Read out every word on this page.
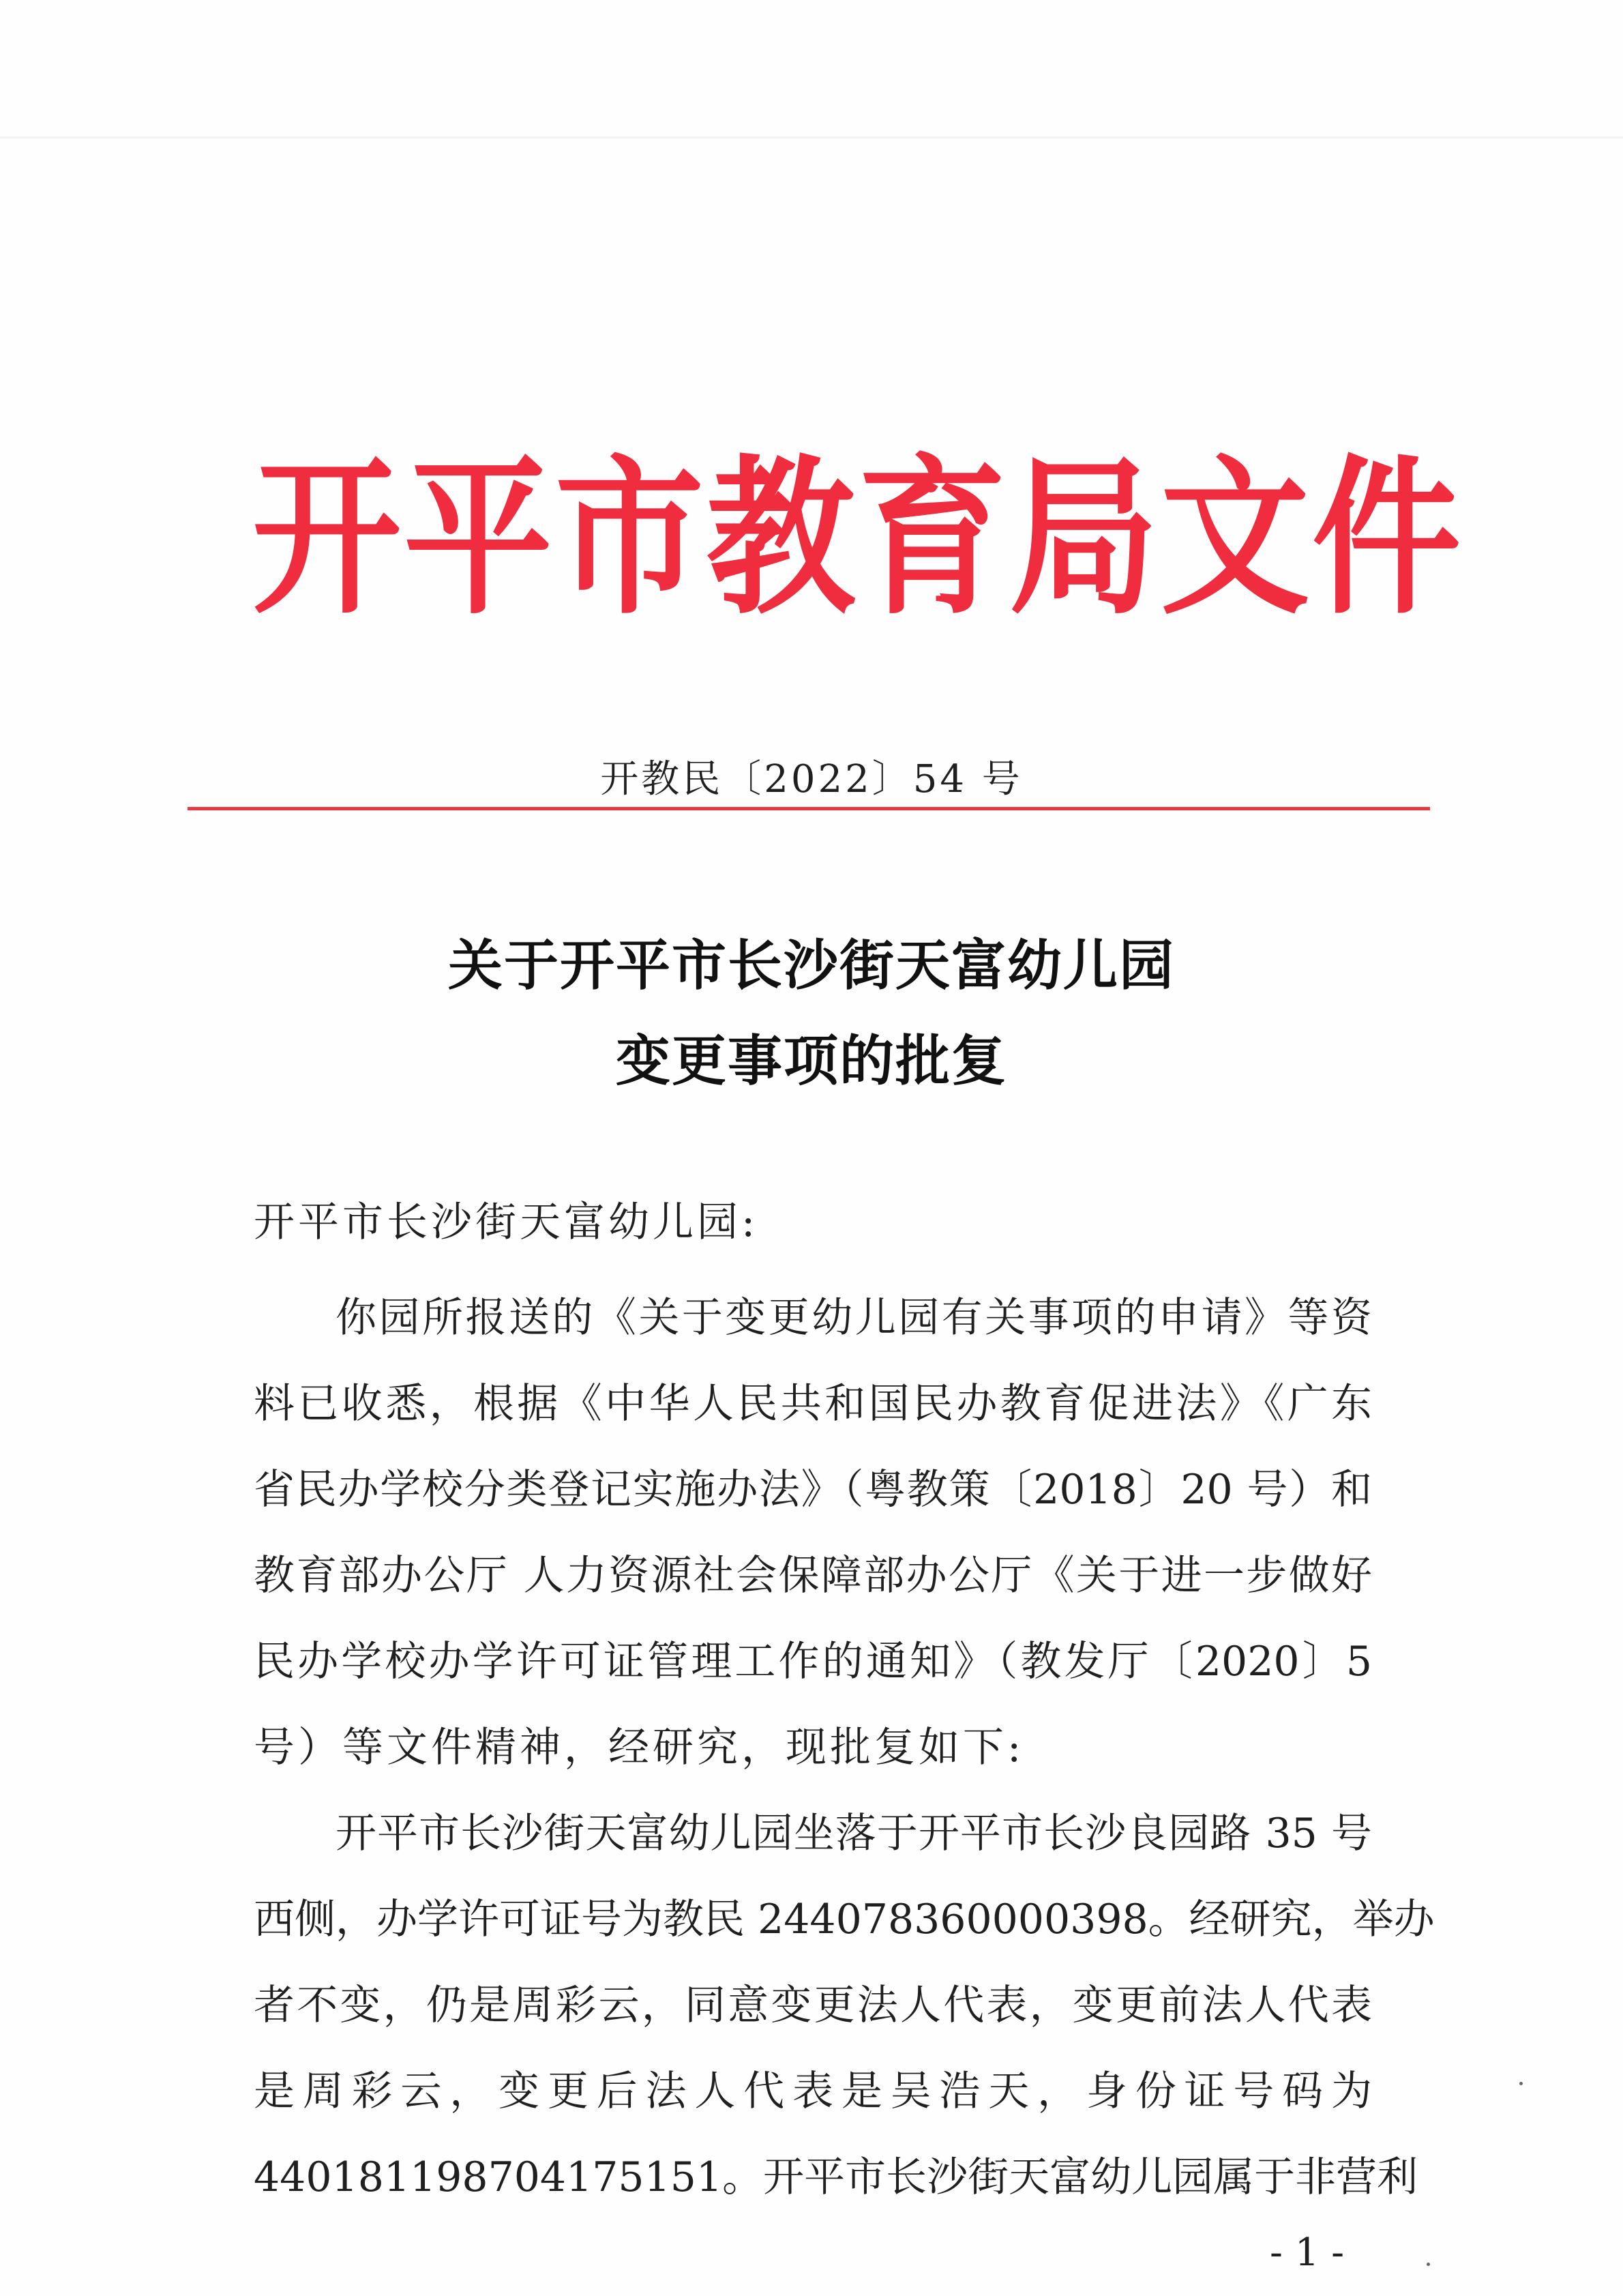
开平市教育局文件
开教民〔2022〕54 号
关于开平市长沙街天富幼儿园
变更事项的批复
开平市长沙街天富幼儿园:
你园所报送的《关于变更幼儿园有关事项的申请》等资
料已收悉，根据《中华人民共和国民办教育促进法》《广东
省民办学校分类登记实施办法》（粤教策〔2018〕20 号）和
教育部办公厅 人力资源社会保障部办公厅《关于进一步做好
民办学校办学许可证管理工作的通知》（教发厅〔2020〕5
号）等文件精神，经研究，现批复如下:
开平市长沙街天富幼儿园坐落于开平市长沙良园路 35 号
西侧，办学许可证号为教民 244078360000398。经研究，举办
者不变，仍是周彩云，同意变更法人代表，变更前法人代表
是周彩云，变更后法人代表是吴浩天，身份证号码为
440181198704175151。开平市长沙街天富幼儿园属于非营利
- 1 -
